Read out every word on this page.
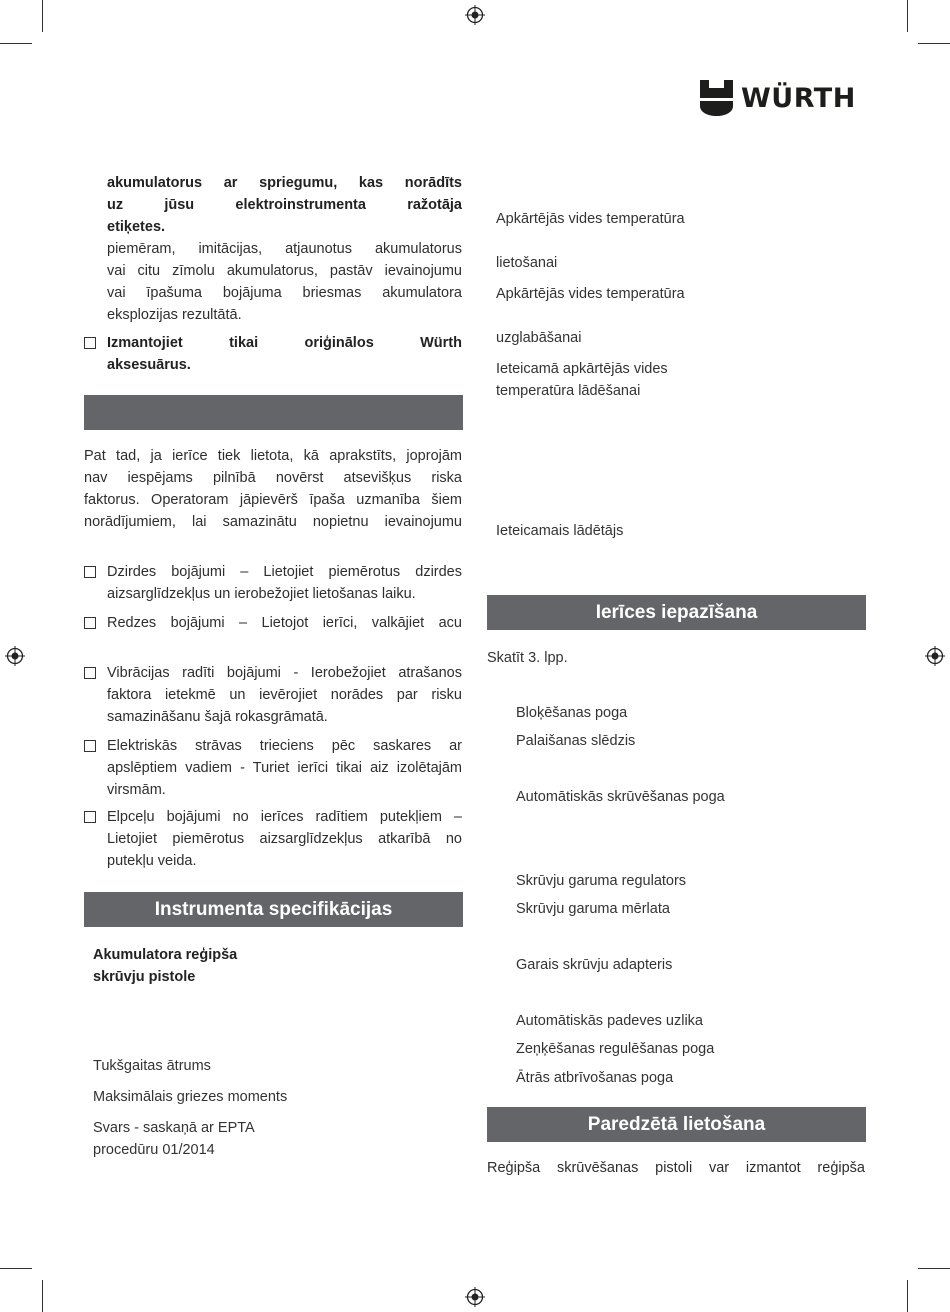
WÜRTH
akumulatorus ar spriegumu, kas norādīts
uz jūsu elektroinstrumenta ražotāja
etiķetes.
piemēram, imitācijas, atjaunotus akumulatorus
vai citu zīmolu akumulatorus, pastāv ievainojumu
vai īpašuma bojājuma briesmas akumulatora
eksplozijas rezultātā.
Izmantojiet tikai oriģinālos Würth
aksesuārus.
Pat tad, ja ierīce tiek lietota, kā aprakstīts, joprojām
nav iespējams pilnībā novērst atsevišķus riska
faktorus. Operatoram jāpievērš īpaša uzmanība šiem
norādījumiem, lai samazinātu nopietnu ievainojumu
Dzirdes bojājumi – Lietojiet piemērotus dzirdes
aizsarglīdzekļus un ierobežojiet lietošanas laiku.
Redzes bojājumi – Lietojot ierīci, valkājiet acu
Vibrācijas radīti bojājumi - Ierobežojiet atrašanos
faktora ietekmē un ievērojiet norādes par risku
samazināšanu šajā rokasgrāmatā.
Elektriskās strāvas trieciens pēc saskares ar
apslēptiem vadiem - Turiet ierīci tikai aiz izolētajām
virsmām.
Elpceļu bojājumi no ierīces radītiem putekļiem –
Lietojiet piemērotus aizsarglīdzekļus atkarībā no
putekļu veida.
Instrumenta specifikācijas
Akumulatora reģipša
skrūvju pistole
Tukšgaitas ātrums
Maksimālais griezes moments
Svars - saskaņā ar EPTA
procedūru 01/2014
Apkārtējās vides temperatūra
lietošanai
Apkārtējās vides temperatūra
uzglabāšanai
Ieteicamā apkārtējās vides
temperatūra lādēšanai
Ieteicamais lādētājs
Ierīces iepazīšana
Skatīt 3. lpp.
Bloķēšanas poga
Palaišanas slēdzis
Automātiskās skrūvēšanas poga
Skrūvju garuma regulators
Skrūvju garuma mērlata
Garais skrūvju adapteris
Automātiskās padeves uzlika
Zeņķēšanas regulēšanas poga
Ātrās atbrīvošanas poga
Paredzētā lietošana
Reģipša skrūvēšanas pistoli var izmantot reģipša
